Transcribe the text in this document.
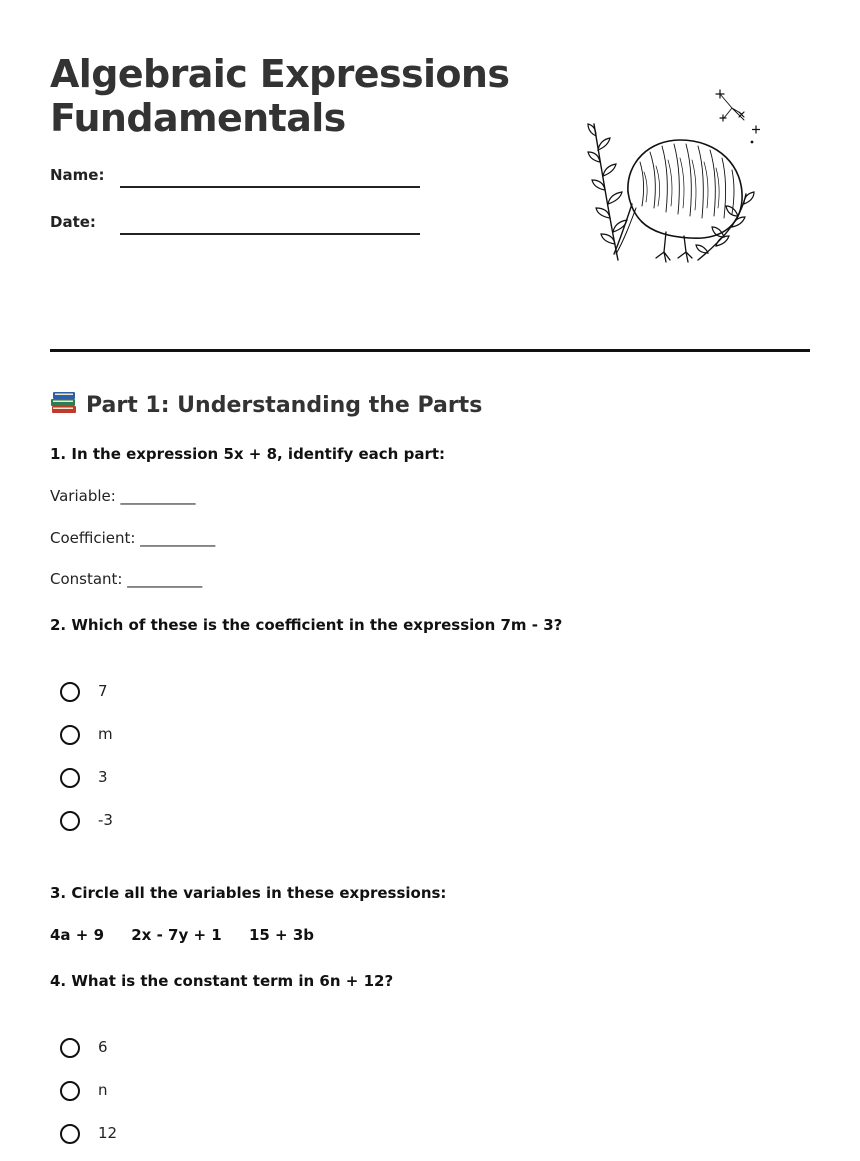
Algebraic Expressions
Fundamentals
Name:
Date:
Part 1: Understanding the Parts

1. In the expression 5x + 8, identify each part:

Variable: __________

Coefficient: __________

Constant: __________

2. Which of these is the coefficient in the expression 7m - 3?

7
m
3
-3

3. Circle all the variables in these expressions:

4a + 9 2x - 7y + 1 15 + 3b

4. What is the constant term in 6n + 12?

6
n
12
